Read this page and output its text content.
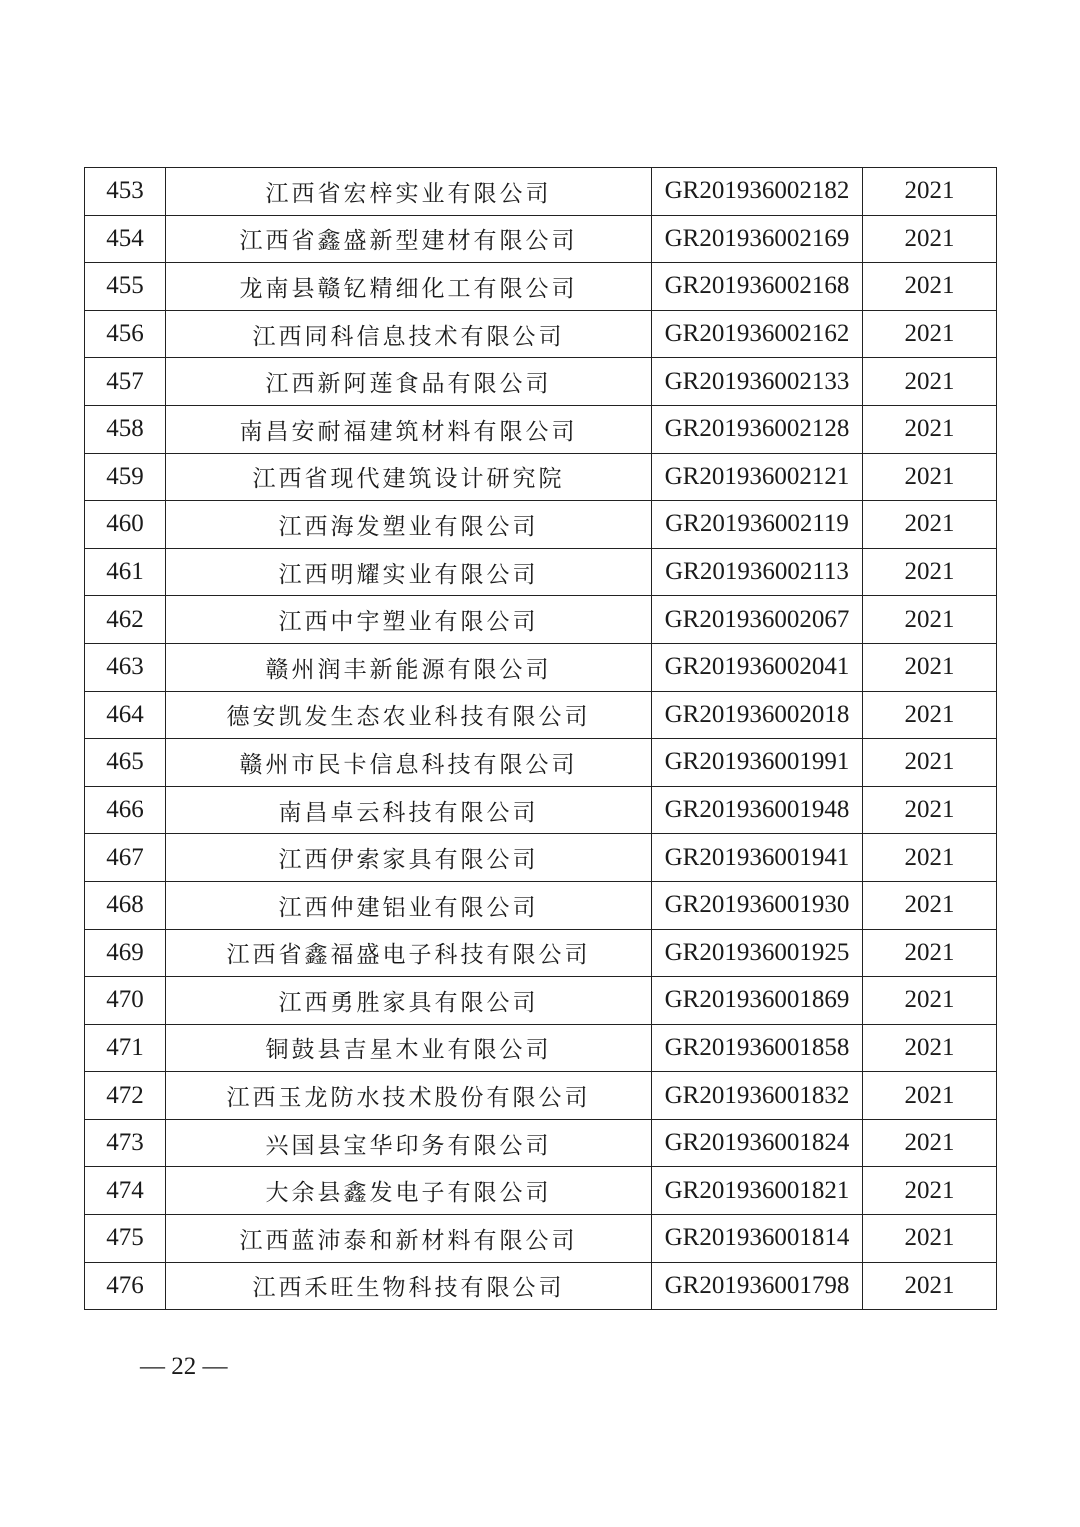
453	江西省宏梓实业有限公司	GR201936002182	2021
454	江西省鑫盛新型建材有限公司	GR201936002169	2021
455	龙南县赣钇精细化工有限公司	GR201936002168	2021
456	江西同科信息技术有限公司	GR201936002162	2021
457	江西新阿莲食品有限公司	GR201936002133	2021
458	南昌安耐福建筑材料有限公司	GR201936002128	2021
459	江西省现代建筑设计研究院	GR201936002121	2021
460	江西海发塑业有限公司	GR201936002119	2021
461	江西明耀实业有限公司	GR201936002113	2021
462	江西中宇塑业有限公司	GR201936002067	2021
463	赣州润丰新能源有限公司	GR201936002041	2021
464	德安凯发生态农业科技有限公司	GR201936002018	2021
465	赣州市民卡信息科技有限公司	GR201936001991	2021
466	南昌卓云科技有限公司	GR201936001948	2021
467	江西伊索家具有限公司	GR201936001941	2021
468	江西仲建铝业有限公司	GR201936001930	2021
469	江西省鑫福盛电子科技有限公司	GR201936001925	2021
470	江西勇胜家具有限公司	GR201936001869	2021
471	铜鼓县吉星木业有限公司	GR201936001858	2021
472	江西玉龙防水技术股份有限公司	GR201936001832	2021
473	兴国县宝华印务有限公司	GR201936001824	2021
474	大余县鑫发电子有限公司	GR201936001821	2021
475	江西蓝沛泰和新材料有限公司	GR201936001814	2021
476	江西禾旺生物科技有限公司	GR201936001798	2021
— 22 —
